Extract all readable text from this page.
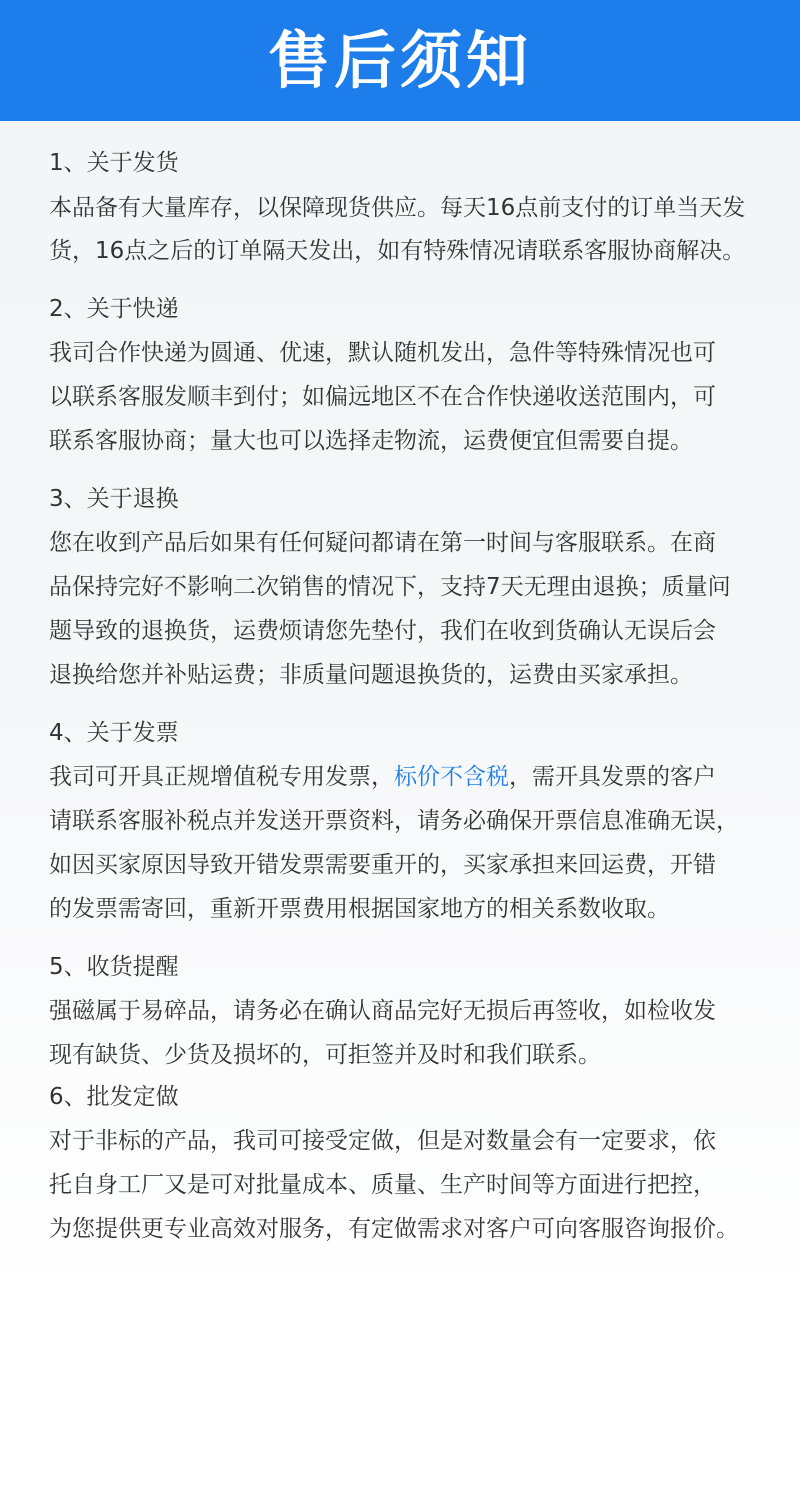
售后须知
1、关于发货
本品备有大量库存，以保障现货供应。每天16点前支付的订单当天发
货，16点之后的订单隔天发出，如有特殊情况请联系客服协商解决。
2、关于快递
我司合作快递为圆通、优速，默认随机发出，急件等特殊情况也可
以联系客服发顺丰到付；如偏远地区不在合作快递收送范围内，可
联系客服协商；量大也可以选择走物流，运费便宜但需要自提。
3、关于退换
您在收到产品后如果有任何疑问都请在第一时间与客服联系。在商
品保持完好不影响二次销售的情况下，支持7天无理由退换；质量问
题导致的退换货，运费烦请您先垫付，我们在收到货确认无误后会
退换给您并补贴运费；非质量问题退换货的，运费由买家承担。
4、关于发票
我司可开具正规增值税专用发票，标价不含税，需开具发票的客户
请联系客服补税点并发送开票资料，请务必确保开票信息准确无误，
如因买家原因导致开错发票需要重开的，买家承担来回运费，开错
的发票需寄回，重新开票费用根据国家地方的相关系数收取。
5、收货提醒
强磁属于易碎品，请务必在确认商品完好无损后再签收，如检收发
现有缺货、少货及损坏的，可拒签并及时和我们联系。
6、批发定做
对于非标的产品，我司可接受定做，但是对数量会有一定要求，依
托自身工厂又是可对批量成本、质量、生产时间等方面进行把控，
为您提供更专业高效对服务，有定做需求对客户可向客服咨询报价。
